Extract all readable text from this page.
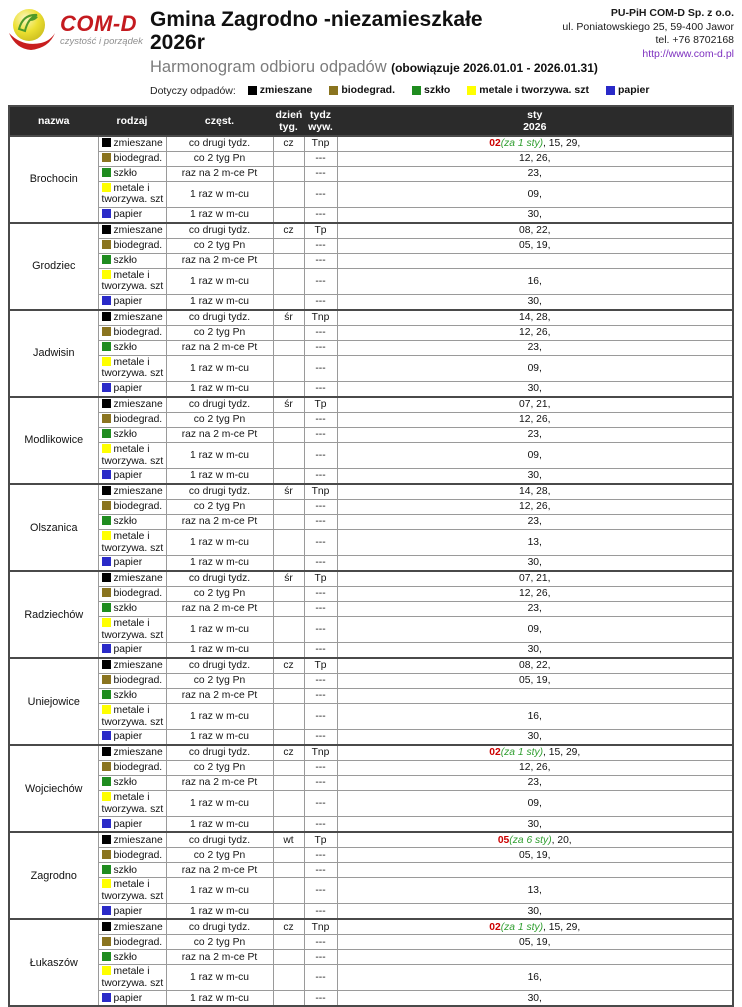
COM-D
czystość i porządek
Gmina Zagrodno -niezamieszkałe 2026r
Harmonogram odbioru odpadów (obowiązuje 2026.01.01 - 2026.01.31)
Dotyczy odpadów: zmieszane	biodegrad.	szkło	metale i tworzywa. szt	papier
PU-PiH COM-D Sp. z o.o.
ul. Poniatowskiego 25, 59-400 Jawor
tel. +76 8702168
http://www.com-d.pl
nazwa	rodzaj	częst.

dzień
tyg.

tydz
wyw.

sty
2026

Brochocin	zmieszane	co drugi tydz.	cz	Tnp	02(za 1 sty), 15, 29,
	biodegrad.	co 2 tyg Pn		---	12, 26,
	szkło	raz na 2 m-ce Pt		---	23,
	metale i tworzywa. szt	1 raz w m-cu		---	09,
	papier	1 raz w m-cu		---	30,
Grodziec	zmieszane	co drugi tydz.	cz	Tp	08, 22,
	biodegrad.	co 2 tyg Pn		---	05, 19,
	szkło	raz na 2 m-ce Pt		---	
	metale i tworzywa. szt	1 raz w m-cu		---	16,
	papier	1 raz w m-cu		---	30,
Jadwisin	zmieszane	co drugi tydz.	śr	Tnp	14, 28,
	biodegrad.	co 2 tyg Pn		---	12, 26,
	szkło	raz na 2 m-ce Pt		---	23,
	metale i tworzywa. szt	1 raz w m-cu		---	09,
	papier	1 raz w m-cu		---	30,
Modlikowice	zmieszane	co drugi tydz.	śr	Tp	07, 21,
	biodegrad.	co 2 tyg Pn		---	12, 26,
	szkło	raz na 2 m-ce Pt		---	23,
	metale i tworzywa. szt	1 raz w m-cu		---	09,
	papier	1 raz w m-cu		---	30,
Olszanica	zmieszane	co drugi tydz.	śr	Tnp	14, 28,
	biodegrad.	co 2 tyg Pn		---	12, 26,
	szkło	raz na 2 m-ce Pt		---	23,
	metale i tworzywa. szt	1 raz w m-cu		---	13,
	papier	1 raz w m-cu		---	30,
Radziechów	zmieszane	co drugi tydz.	śr	Tp	07, 21,
	biodegrad.	co 2 tyg Pn		---	12, 26,
	szkło	raz na 2 m-ce Pt		---	23,
	metale i tworzywa. szt	1 raz w m-cu		---	09,
	papier	1 raz w m-cu		---	30,
Uniejowice	zmieszane	co drugi tydz.	cz	Tp	08, 22,
	biodegrad.	co 2 tyg Pn		---	05, 19,
	szkło	raz na 2 m-ce Pt		---	
	metale i tworzywa. szt	1 raz w m-cu		---	16,
	papier	1 raz w m-cu		---	30,
Wojciechów	zmieszane	co drugi tydz.	cz	Tnp	02(za 1 sty), 15, 29,
	biodegrad.	co 2 tyg Pn		---	12, 26,
	szkło	raz na 2 m-ce Pt		---	23,
	metale i tworzywa. szt	1 raz w m-cu		---	09,
	papier	1 raz w m-cu		---	30,
Zagrodno	zmieszane	co drugi tydz.	wt	Tp	05(za 6 sty), 20,
	biodegrad.	co 2 tyg Pn		---	05, 19,
	szkło	raz na 2 m-ce Pt		---	
	metale i tworzywa. szt	1 raz w m-cu		---	13,
	papier	1 raz w m-cu		---	30,
Łukaszów	zmieszane	co drugi tydz.	cz	Tnp	02(za 1 sty), 15, 29,
	biodegrad.	co 2 tyg Pn		---	05, 19,
	szkło	raz na 2 m-ce Pt		---	
	metale i tworzywa. szt	1 raz w m-cu		---	16,
	papier	1 raz w m-cu		---	30,
